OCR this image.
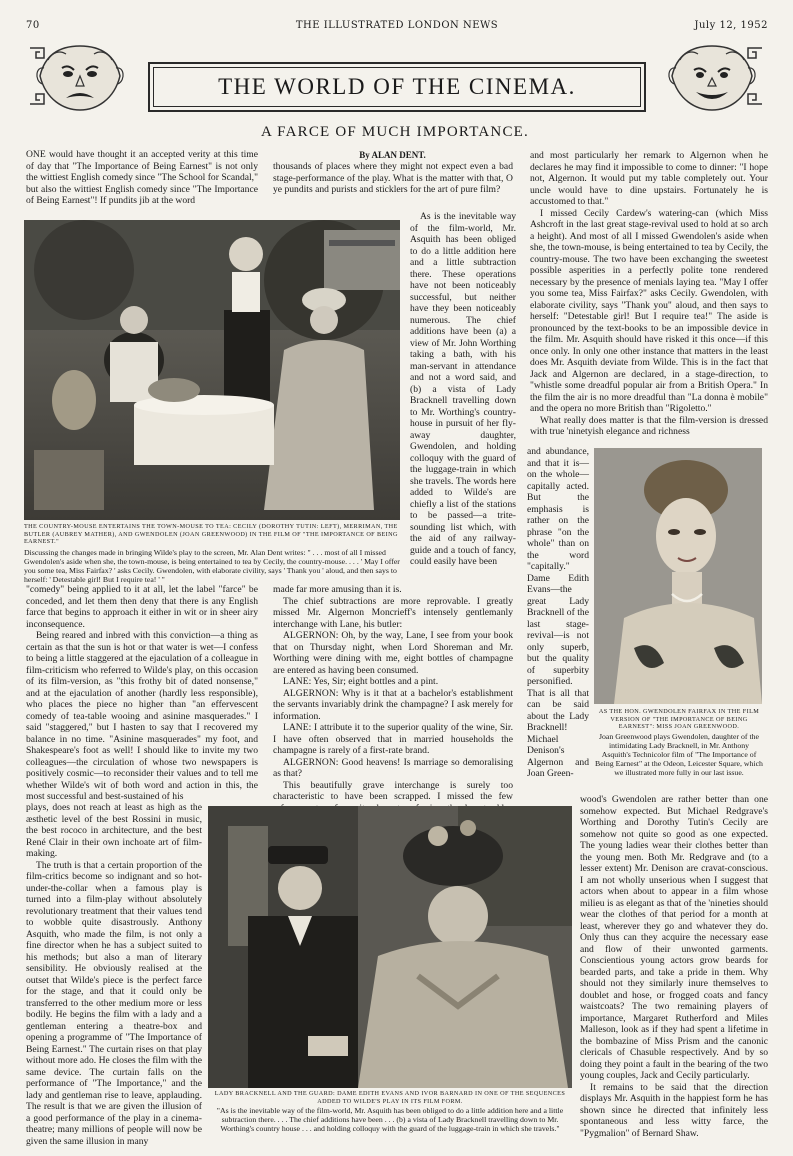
70	THE ILLUSTRATED LONDON NEWS	July 12, 1952
THE WORLD OF THE CINEMA.
A FARCE OF MUCH IMPORTANCE.
By ALAN DENT.

ONE would have thought it an accepted verity at this time of day that "The Importance of Being Earnest" is not only the wittiest English comedy since "The School for Scandal," but also the wittiest English comedy since "The Importance of Being Earnest"! If pundits jib at the word

thousands of places where they might not expect even a bad stage-performance of the play. What is the matter with that, O ye pundits and purists and sticklers for the art of pure film?

THE COUNTRY-MOUSE ENTERTAINS THE TOWN-MOUSE TO TEA: CECILY (DOROTHY TUTIN: LEFT), MERRIMAN, THE BUTLER (AUBREY MATHER), AND GWENDOLEN (JOAN GREENWOOD) IN THE FILM OF "THE IMPORTANCE OF BEING EARNEST."
Discussing the changes made in bringing Wilde's play to the screen, Mr. Alan Dent writes: " . . . most of all I missed Gwendolen's aside when she, the town-mouse, is being entertained to tea by Cecily, the country-mouse. . . . ' May I offer you some tea, Miss Fairfax? ' asks Cecily. Gwendolen, with elaborate civility, says ' Thank you ' aloud, and then says to herself: ' Detestable girl! But I require tea! ' "

As is the inevitable way of the film-world, Mr. Asquith has been obliged to do a little addition here and a little subtraction there. These operations have not been noticeably successful, but neither have they been noticeably numerous. The chief additions have been (a) a view of Mr. John Worthing taking a bath, with his man-servant in attendance and not a word said, and (b) a vista of Lady Bracknell travelling down to Mr. Worthing's country-house in pursuit of her fly-away daughter, Gwendolen, and holding colloquy with the guard of the luggage-train in which she travels. The words here added to Wilde's are chiefly a list of the stations to be passed—a trite-sounding list which, with the aid of any railway-guide and a touch of fancy, could easily have been

"comedy" being applied to it at all, let the label "farce" be conceded, and let them then deny that there is any English farce that begins to approach it either in wit or in sheer airy inconsequence.

Being reared and inbred with this conviction—a thing as certain as that the sun is hot or that water is wet—I confess to being a little staggered at the ejaculation of a colleague in film-criticism who referred to Wilde's play, on this occasion of its film-version, as "this frothy bit of dated nonsense," and at the ejaculation of another (hardly less responsible), who places the piece no higher than "an effervescent comedy of tea-table wooing and asinine masquerades." I said "staggered," but I hasten to say that I recovered my balance in no time. "Asinine masquerades" my foot, and Shakespeare's foot as well! I should like to invite my two colleagues—the circulation of whose two newspapers is positively cosmic—to reconsider their values and to tell me whether Wilde's wit of both word and action in this, the most successful and best-sustained of his

made far more amusing than it is.

The chief subtractions are more reprovable. I greatly missed Mr. Algernon Moncrieff's intensely gentlemanly interchange with Lane, his butler:

ALGERNON: Oh, by the way, Lane, I see from your book that on Thursday night, when Lord Shoreman and Mr. Worthing were dining with me, eight bottles of champagne are entered as having been consumed.

LANE: Yes, Sir; eight bottles and a pint.

ALGERNON: Why is it that at a bachelor's establishment the servants invariably drink the champagne? I ask merely for information.

LANE: I attribute it to the superior quality of the wine, Sir. I have often observed that in married households the champagne is rarely of a first-rate brand.

ALGERNON: Good heavens! Is marriage so demoralising as that?

This beautifully grave interchange is surely too characteristic to have been scrapped. I missed the few

plays, does not reach at least as high as the æsthetic level of the best Rossini in music, the best rococo in architecture, and the best René Clair in their own inchoate art of film-making.

The truth is that a certain proportion of the film-critics become so indignant and so hot-under-the-collar when a famous play is turned into a film-play without absolutely revolutionary treatment that their values tend to wobble quite disastrously. Anthony Asquith, who made the film, is not only a fine director when he has a subject suited to his methods; but also a man of literary sensibility. He obviously realised at the outset that Wilde's piece is the perfect farce for the stage, and that it could only be transferred to the other medium more or less bodily. He begins the film with a lady and a gentleman entering a theatre-box and opening a programme of "The Importance of Being Earnest." The curtain rises on that play without more ado. He closes the film with the same device. The curtain falls on the performance of "The Importance," and the lady and gentleman rise to leave, applauding. The result is that we are given the illusion of a good performance of the play in a cinema-theatre; many millions of people will now be given the same illusion in many

LADY BRACKNELL AND THE GUARD: DAME EDITH EVANS AND IVOR BARNARD IN ONE OF THE SEQUENCES ADDED TO WILDE'S PLAY IN ITS FILM FORM.
"As is the inevitable way of the film-world, Mr. Asquith has been obliged to do a little addition here and a little subtraction there. . . . The chief additions have been . . . (b) a vista of Lady Bracknell travelling down to Mr. Worthing's country house . . . and holding colloquy with the guard of the luggage-train in which she travels."

and most particularly her remark to Algernon when he declares he may find it impossible to come to dinner: "I hope not, Algernon. It would put my table completely out. Your uncle would have to dine upstairs. Fortunately he is accustomed to that."

I missed Cecily Cardew's watering-can (which Miss Ashcroft in the last great stage-revival used to hold at so arch a height). And most of all I missed Gwendolen's aside when she, the town-mouse, is being entertained to tea by Cecily, the country-mouse. The two have been exchanging the sweetest possible asperities in a perfectly polite tone rendered necessary by the presence of menials laying tea. "May I offer you some tea, Miss Fairfax?" asks Cecily. Gwendolen, with elaborate civility, says "Thank you" aloud, and then says to herself: "Detestable girl! But I require tea!" The aside is pronounced by the text-books to be an impossible device in the film. Mr. Asquith should have risked it this once—if this once only. In only one other instance that matters in the least does Mr. Asquith deviate from Wilde. This is in the fact that Jack and Algernon are declared, in a stage-direction, to "whistle some dreadful popular air from a British Opera." In the film the air is no more dreadful than "La donna è mobile" and the opera no more British than "Rigoletto."

What really does matter is that the film-version is dressed with true 'ninetyish elegance and richness

and abundance, and that it is—on the whole—capitally acted. But the emphasis is rather on the phrase "on the whole" than on the word "capitally." Dame Edith Evans—the great Lady Bracknell of the last stage-revival—is not only superb, but the quality of superbity personified. That is all that can be said about the Lady Bracknell! Michael Denison's Algernon and Joan Green-

AS THE HON. GWENDOLEN FAIRFAX IN THE FILM VERSION OF "THE IMPORTANCE OF BEING EARNEST": MISS JOAN GREENWOOD.
Joan Greenwood plays Gwendolen, daughter of the intimidating Lady Bracknell, in Mr. Anthony Asquith's Technicolor film of "The Importance of Being Earnest" at the Odeon, Leicester Square, which we illustrated more fully in our last issue.

wood's Gwendolen are rather better than one somehow expected. But Michael Redgrave's Worthing and Dorothy Tutin's Cecily are somehow not quite so good as one expected. The young ladies wear their clothes better than the young men. Both Mr. Redgrave and (to a lesser extent) Mr. Denison are cravat-conscious. I am not wholly unserious when I suggest that actors when about to appear in a film whose milieu is as elegant as that of the 'nineties should wear the clothes of that period for a month at least, wherever they go and whatever they do. Only thus can they acquire the necessary ease and flow of their unwonted garments. Conscientious young actors grow beards for bearded parts, and take a pride in them. Why should not they similarly inure themselves to doublet and hose, or frogged coats and fancy waistcoats? The two remaining players of importance, Margaret Rutherford and Miles Malleson, look as if they had spent a lifetime in the bombazine of Miss Prism and the canonic clericals of Chasuble respectively. And by so doing they point a fault in the bearing of the two young couples, Jack and Cecily particularly.

It remains to be said that the direction displays Mr. Asquith in the happiest form he has shown since he directed that infinitely less spontaneous and less witty farce, the "Pygmalion" of Bernard Shaw.
